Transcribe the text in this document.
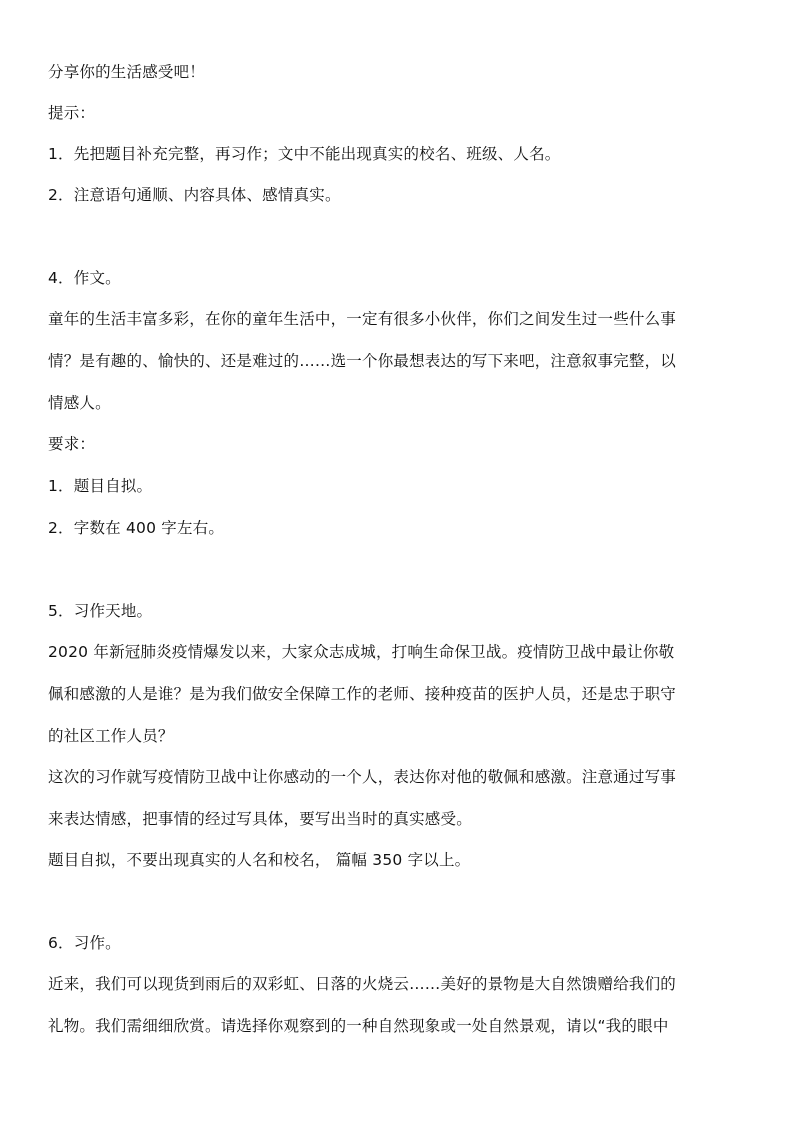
分享你的生活感受吧！
提示：
1．先把题目补充完整，再习作；文中不能出现真实的校名、班级、人名。
2．注意语句通顺、内容具体、感情真实。
4．作文。
童年的生活丰富多彩，在你的童年生活中，一定有很多小伙伴，你们之间发生过一些什么事
情？是有趣的、愉快的、还是难过的……选一个你最想表达的写下来吧，注意叙事完整，以
情感人。
要求：
1．题目自拟。
2．字数在 400 字左右。
5．习作天地。
2020 年新冠肺炎疫情爆发以来，大家众志成城，打响生命保卫战。疫情防卫战中最让你敬
佩和感激的人是谁？是为我们做安全保障工作的老师、接种疫苗的医护人员，还是忠于职守
的社区工作人员？
这次的习作就写疫情防卫战中让你感动的一个人，表达你对他的敬佩和感激。注意通过写事
来表达情感，把事情的经过写具体，要写出当时的真实感受。
题目自拟，不要出现真实的人名和校名， 篇幅 350 字以上。
6．习作。
近来，我们可以现货到雨后的双彩虹、日落的火烧云……美好的景物是大自然馈赠给我们的
礼物。我们需细细欣赏。请选择你观察到的一种自然现象或一处自然景观，请以“我的眼中
